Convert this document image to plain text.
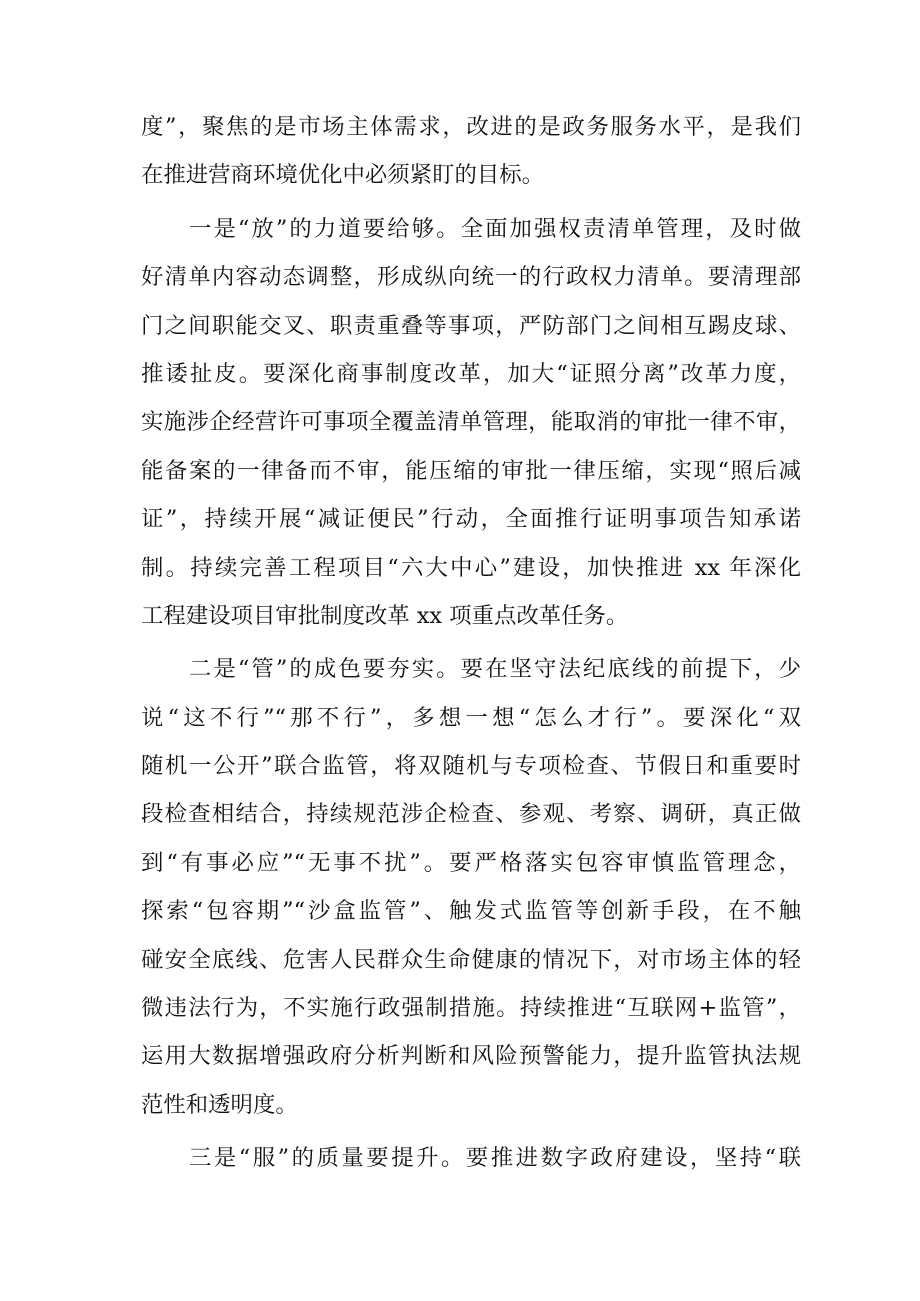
度”，聚焦的是市场主体需求，改进的是政务服务水平，是我们
在推进营商环境优化中必须紧盯的目标。
一是“放”的力道要给够。全面加强权责清单管理，及时做
好清单内容动态调整，形成纵向统一的行政权力清单。要清理部
门之间职能交叉、职责重叠等事项，严防部门之间相互踢皮球、
推诿扯皮。要深化商事制度改革，加大“证照分离”改革力度，
实施涉企经营许可事项全覆盖清单管理，能取消的审批一律不审，
能备案的一律备而不审，能压缩的审批一律压缩，实现“照后减
证”，持续开展“减证便民”行动，全面推行证明事项告知承诺
制。持续完善工程项目“六大中心”建设，加快推进 xx 年深化
工程建设项目审批制度改革 xx 项重点改革任务。
二是“管”的成色要夯实。要在坚守法纪底线的前提下，少
说“这不行”“那不行”，多想一想“怎么才行”。要深化“双
随机一公开”联合监管，将双随机与专项检查、节假日和重要时
段检查相结合，持续规范涉企检查、参观、考察、调研，真正做
到“有事必应”“无事不扰”。要严格落实包容审慎监管理念，
探索“包容期”“沙盒监管”、触发式监管等创新手段，在不触
碰安全底线、危害人民群众生命健康的情况下，对市场主体的轻
微违法行为，不实施行政强制措施。持续推进“互联网+监管”，
运用大数据增强政府分析判断和风险预警能力，提升监管执法规
范性和透明度。
三是“服”的质量要提升。要推进数字政府建设，坚持“联
